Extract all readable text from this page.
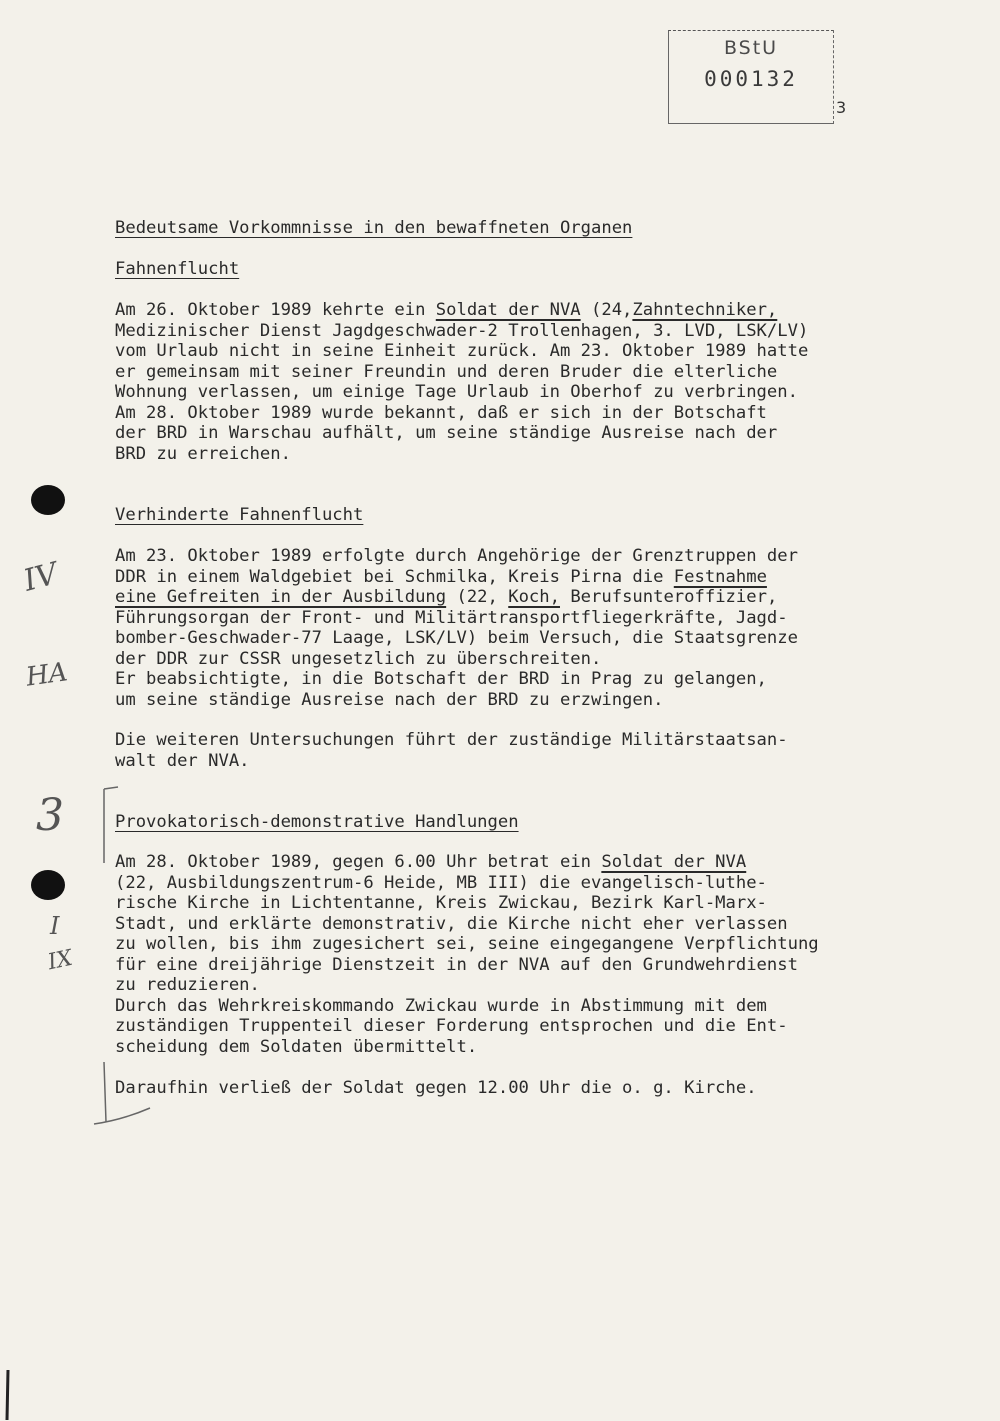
BStU
000132
3
IV
HA
3
I
IX

Bedeutsame Vorkommnisse in den bewaffneten Organen

Fahnenflucht

Am 26. Oktober 1989 kehrte ein Soldat der NVA (24,Zahntechniker,

Medizinischer Dienst Jagdgeschwader-2 Trollenhagen, 3. LVD, LSK/LV)

vom Urlaub nicht in seine Einheit zurück. Am 23. Oktober 1989 hatte

er gemeinsam mit seiner Freundin und deren Bruder die elterliche

Wohnung verlassen, um einige Tage Urlaub in Oberhof zu verbringen.

Am 28. Oktober 1989 wurde bekannt, daß er sich in der Botschaft

der BRD in Warschau aufhält, um seine ständige Ausreise nach der

BRD zu erreichen.

Verhinderte Fahnenflucht

Am 23. Oktober 1989 erfolgte durch Angehörige der Grenztruppen der

DDR in einem Waldgebiet bei Schmilka, Kreis Pirna die Festnahme

eine Gefreiten in der Ausbildung (22, Koch, Berufsunteroffizier,

Führungsorgan der Front- und Militärtransportfliegerkräfte, Jagd-

bomber-Geschwader-77 Laage, LSK/LV) beim Versuch, die Staatsgrenze

der DDR zur CSSR ungesetzlich zu überschreiten.

Er beabsichtigte, in die Botschaft der BRD in Prag zu gelangen,

um seine ständige Ausreise nach der BRD zu erzwingen.

Die weiteren Untersuchungen führt der zuständige Militärstaatsan-

walt der NVA.

Provokatorisch-demonstrative Handlungen

Am 28. Oktober 1989, gegen 6.00 Uhr betrat ein Soldat der NVA

(22, Ausbildungszentrum-6 Heide, MB III) die evangelisch-luthe-

rische Kirche in Lichtentanne, Kreis Zwickau, Bezirk Karl-Marx-

Stadt, und erklärte demonstrativ, die Kirche nicht eher verlassen

zu wollen, bis ihm zugesichert sei, seine eingegangene Verpflichtung

für eine dreijährige Dienstzeit in der NVA auf den Grundwehrdienst

zu reduzieren.

Durch das Wehrkreiskommando Zwickau wurde in Abstimmung mit dem

zuständigen Truppenteil dieser Forderung entsprochen und die Ent-

scheidung dem Soldaten übermittelt.

Daraufhin verließ der Soldat gegen 12.00 Uhr die o. g. Kirche.
